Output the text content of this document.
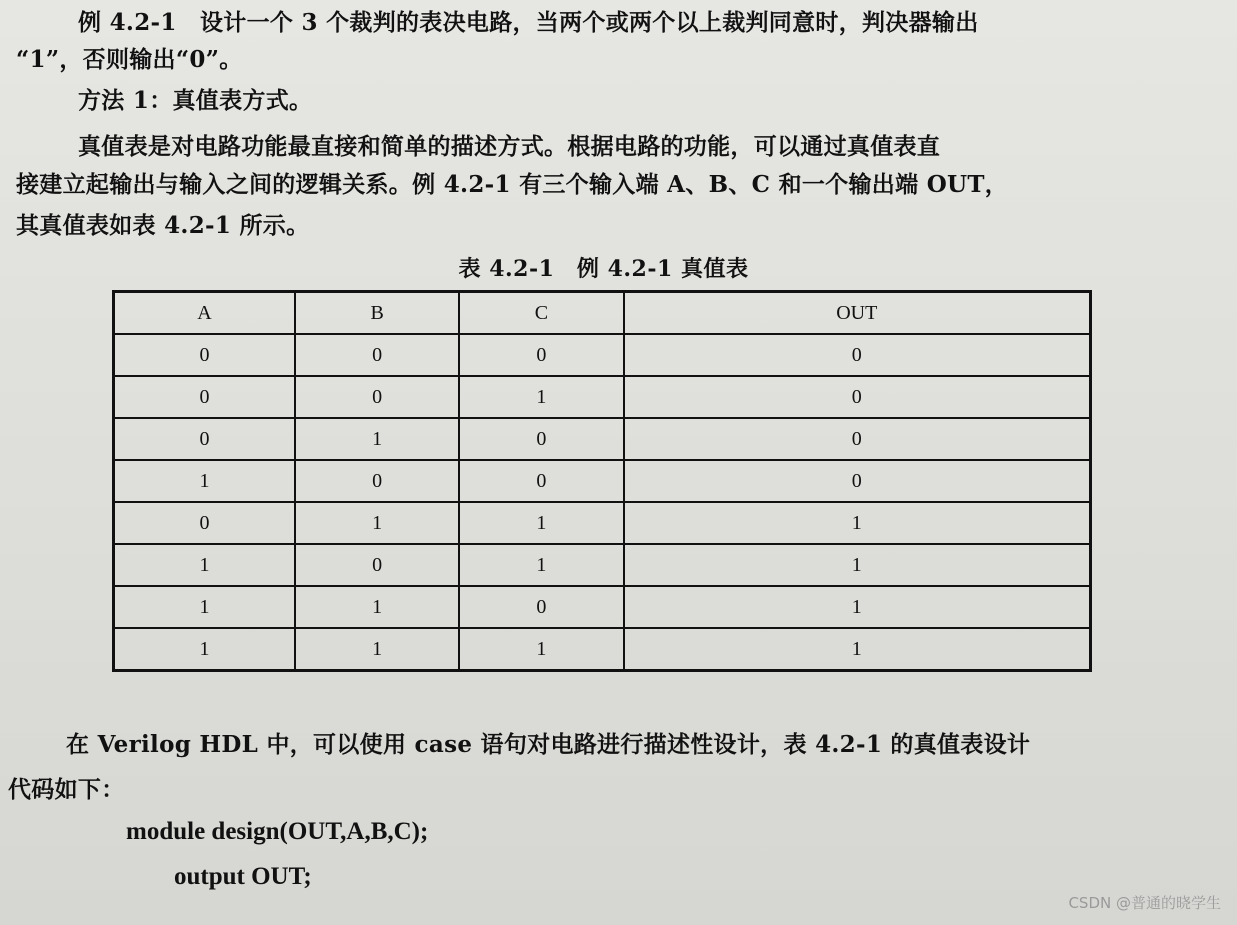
例 4.2-1　设计一个 3 个裁判的表决电路，当两个或两个以上裁判同意时，判决器输出
“1”，否则输出“0”。
方法 1：真值表方式。
真值表是对电路功能最直接和简单的描述方式。根据电路的功能，可以通过真值表直
接建立起输出与输入之间的逻辑关系。例 4.2-1 有三个输入端 A、B、C 和一个输出端 OUT，
其真值表如表 4.2-1 所示。
表 4.2-1　例 4.2-1 真值表
A	B	C	OUT
0	0	0	0
0	0	1	0
0	1	0	0
1	0	0	0
0	1	1	1
1	0	1	1
1	1	0	1
1	1	1	1
在 Verilog HDL 中，可以使用 case 语句对电路进行描述性设计，表 4.2-1 的真值表设计
代码如下：
module design(OUT,A,B,C);
output OUT;
CSDN @普通的晓学生
